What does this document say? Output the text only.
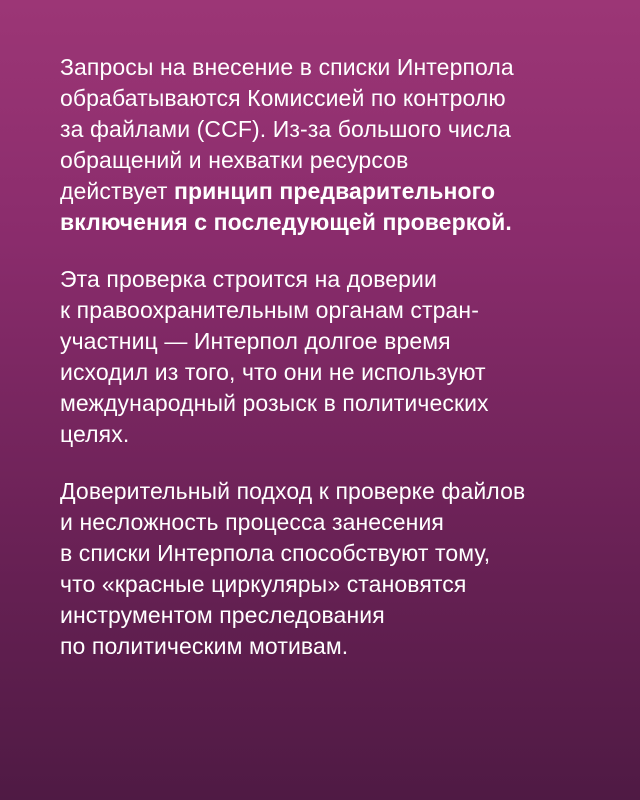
Запросы на внесение в списки Интерпола
обрабатываются Комиссией по контролю
за файлами (CCF). Из-за большого числа
обращений и нехватки ресурсов
действует принцип предварительного
включения с последующей проверкой.

Эта проверка строится на доверии
к правоохранительным органам стран-
участниц — Интерпол долгое время
исходил из того, что они не используют
международный розыск в политических
целях.

Доверительный подход к проверке файлов
и несложность процесса занесения
в списки Интерпола способствуют тому,
что «красные циркуляры» становятся
инструментом преследования
по политическим мотивам.
